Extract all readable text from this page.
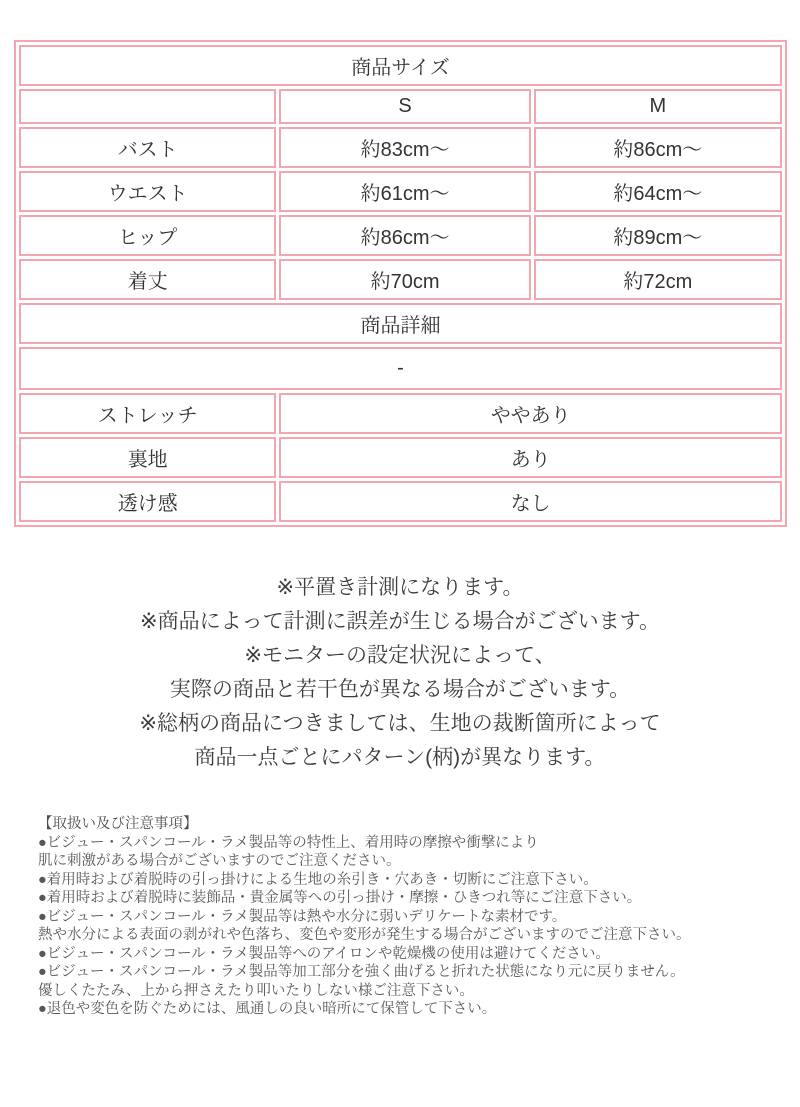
商品サイズ		
	S	M
バスト	約83cm〜	約86cm〜
ウエスト	約61cm〜	約64cm〜
ヒップ	約86cm〜	約89cm〜
着丈	約70cm	約72cm
商品詳細		
-		
ストレッチ	ややあり	
裏地	あり	
透け感	なし	
※平置き計測になります。
※商品によって計測に誤差が生じる場合がございます。
※モニターの設定状況によって、
実際の商品と若干色が異なる場合がございます。
※総柄の商品につきましては、生地の裁断箇所によって
商品一点ごとにパターン(柄)が異なります。
【取扱い及び注意事項】
●ビジュー・スパンコール・ラメ製品等の特性上、着用時の摩擦や衝撃により
肌に刺激がある場合がございますのでご注意ください。
●着用時および着脱時の引っ掛けによる生地の糸引き・穴あき・切断にご注意下さい。
●着用時および着脱時に装飾品・貴金属等への引っ掛け・摩擦・ひきつれ等にご注意下さい。
●ビジュー・スパンコール・ラメ製品等は熱や水分に弱いデリケートな素材です。
熱や水分による表面の剥がれや色落ち、変色や変形が発生する場合がございますのでご注意下さい。
●ビジュー・スパンコール・ラメ製品等へのアイロンや乾燥機の使用は避けてください。
●ビジュー・スパンコール・ラメ製品等加工部分を強く曲げると折れた状態になり元に戻りません。
優しくたたみ、上から押さえたり叩いたりしない様ご注意下さい。
●退色や変色を防ぐためには、風通しの良い暗所にて保管して下さい。
